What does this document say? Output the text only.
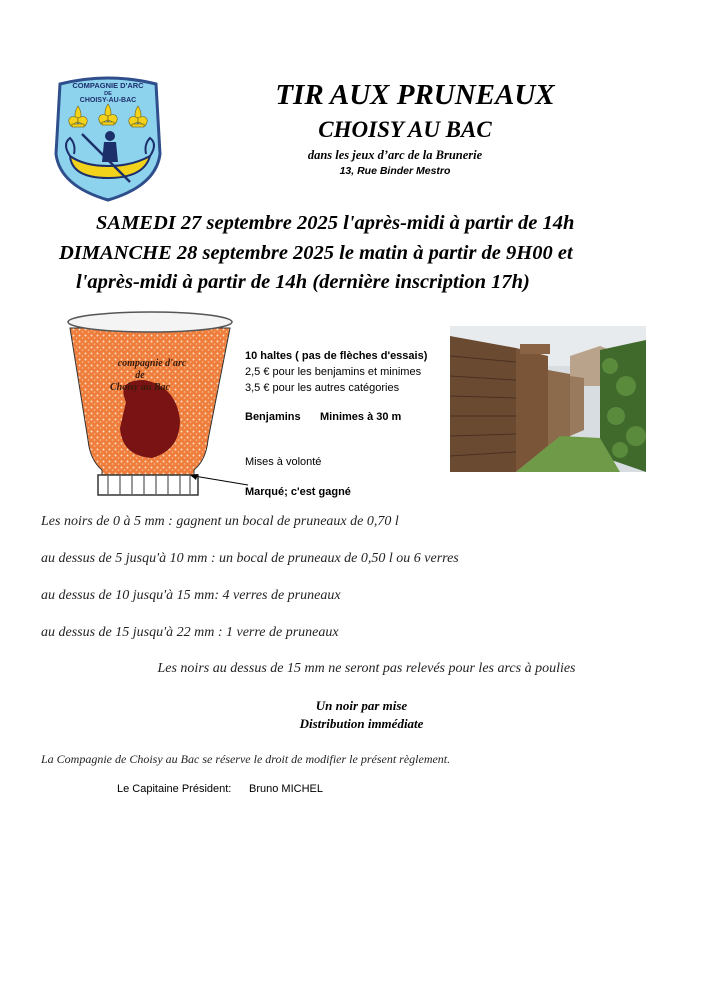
COMPAGNIE D'ARC
DE
CHOISY-AU-BAC	TIR AUX PRUNEAUX
CHOISY AU BAC
dans les jeux d’arc de la Brunerie
13, Rue Binder Mestro
SAMEDI 27 septembre 2025 l'après-midi à partir de 14h
DIMANCHE 28 septembre 2025 le matin à partir de 9H00 et
l'après-midi à partir de 14h (dernière inscription 17h)
compagnie d'arc
de
Choisy au Bac
10 haltes ( pas de flèches d'essais)
2,5 € pour les benjamins et minimes
3,5 € pour les autres catégories
Benjamins Minimes à 30 m
Mises à volonté
Marqué; c'est gagné
Les noirs de 0 à 5 mm : gagnent un bocal de pruneaux de 0,70 l
au dessus de 5 jusqu'à 10 mm : un bocal de pruneaux de 0,50 l ou 6 verres
au dessus de 10 jusqu'à 15 mm: 4 verres de pruneaux
au dessus de 15 jusqu'à 22 mm : 1 verre de pruneaux
Les noirs au dessus de 15 mm ne seront pas relevés pour les arcs à poulies
Un noir par mise
Distribution immédiate
La Compagnie de Choisy au Bac se réserve le droit de modifier le présent règlement.
Le Capitaine Président: Bruno MICHEL
